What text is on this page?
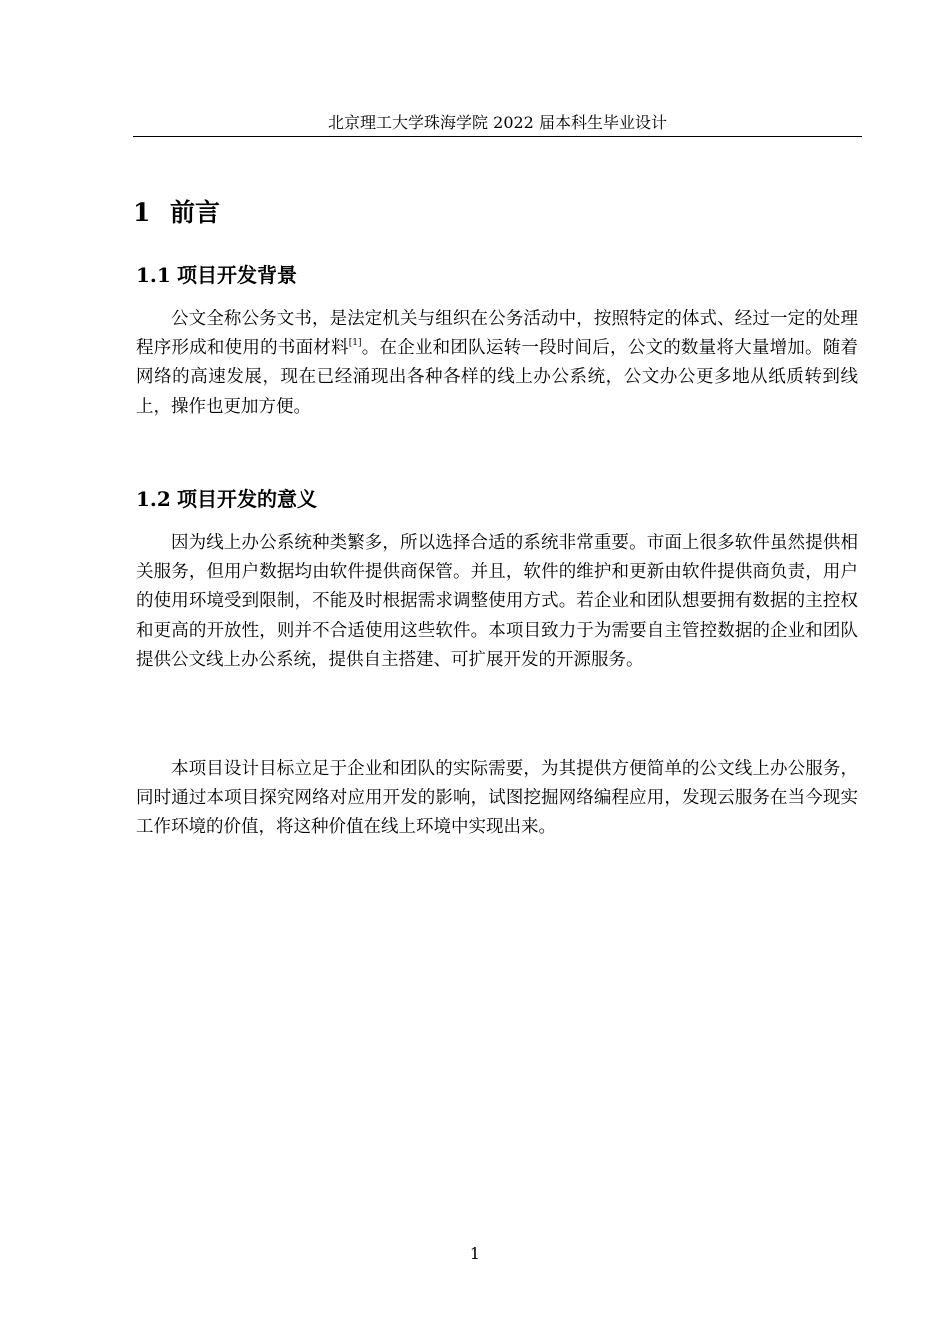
北京理工大学珠海学院 2022 届本科生毕业设计
1 前言
1.1 项目开发背景

公文全称公务文书，是法定机关与组织在公务活动中，按照特定的体式、经过一定的处理程序形成和使用的书面材料[1]。在企业和团队运转一段时间后，公文的数量将大量增加。随着网络的高速发展，现在已经涌现出各种各样的线上办公系统，公文办公更多地从纸质转到线上，操作也更加方便。

1.2 项目开发的意义

因为线上办公系统种类繁多，所以选择合适的系统非常重要。市面上很多软件虽然提供相关服务，但用户数据均由软件提供商保管。并且，软件的维护和更新由软件提供商负责，用户的使用环境受到限制，不能及时根据需求调整使用方式。若企业和团队想要拥有数据的主控权和更高的开放性，则并不合适使用这些软件。本项目致力于为需要自主管控数据的企业和团队提供公文线上办公系统，提供自主搭建、可扩展开发的开源服务。

本项目设计目标立足于企业和团队的实际需要，为其提供方便简单的公文线上办公服务，同时通过本项目探究网络对应用开发的影响，试图挖掘网络编程应用，发现云服务在当今现实工作环境的价值，将这种价值在线上环境中实现出来。

1
